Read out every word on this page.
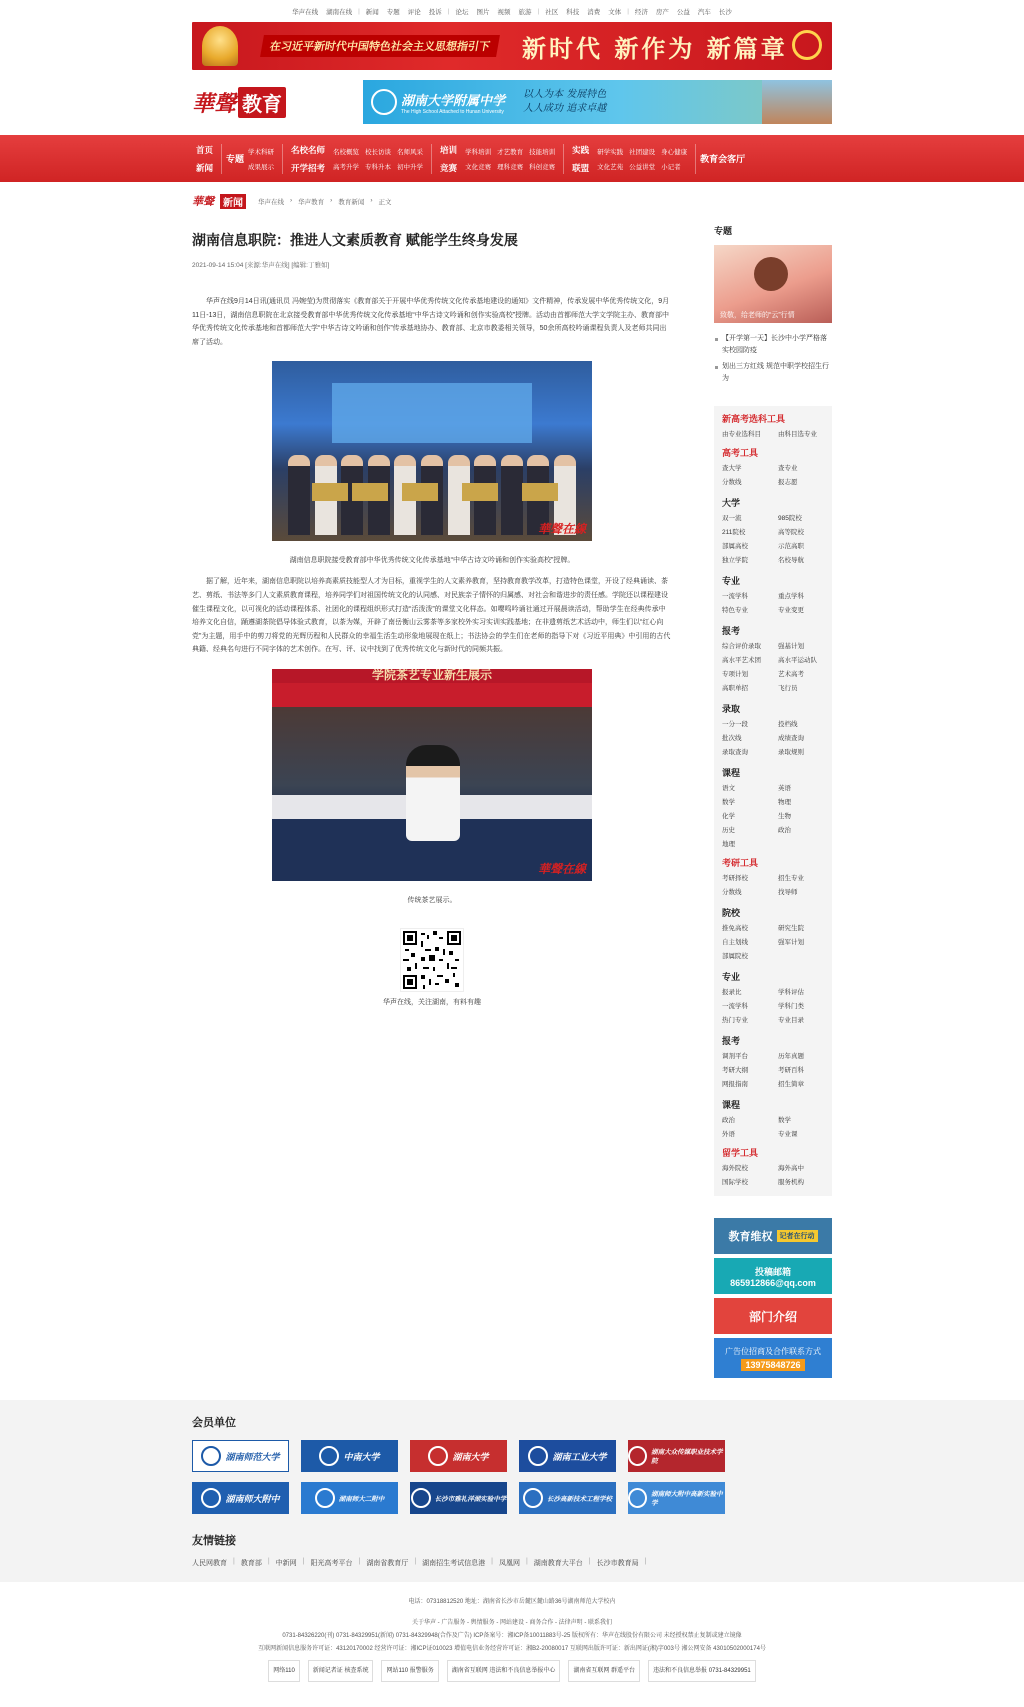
华声在线 湖南在线 | 新闻 专题 评论 投诉 | 论坛 图片 视频 旅游 | 社区 科技 消费 文体 | 经济 房产 公益 汽车 长沙
在习近平新时代中国特色社会主义思想指引下	新时代 新作为 新篇章
華聲 教育	湖南大学附属中学
The High School Attached to Hunan University
以人为本 发展特色
人人成功 追求卓越
首页
新闻
专题
学术科研
成果展示
名校名师
开学招考
名校概览 校长访谈 名师风采
高考升学 专科升本 初中升学
培训
竞赛
学科培训 才艺教育 技能培训
文化竞赛 理科竞赛 科创竞赛
实践
联盟
研学实践 社团建设 身心健康
文化艺苑 公益讲堂 小记者
教育会客厅
華聲 新闻	华声在线 › 华声教育 › 教育新闻 › 正文
湖南信息职院：推进人文素质教育 赋能学生终身发展
2021-09-14 15:04 [来源:华声在线] [编辑:丁雅如]

华声在线9月14日讯(通讯员 冯婉莹)为贯彻落实《教育部关于开展中华优秀传统文化传承基地建设的通知》文件精神，传承发展中华优秀传统文化，9月11日-13日，湖南信息职院在北京接受教育部中华优秀传统文化传承基地“中华古诗文吟诵和创作实验高校”授牌。活动由首都师范大学文学院主办、教育部中华优秀传统文化传承基地和首都师范大学“中华古诗文吟诵和创作”传承基地协办、教育部、北京市教委相关领导，50余所高校吟诵课程负责人及老师共同出席了活动。

華聲在線
湖南信息职院接受教育部中华优秀传统文化传承基地“中华古诗文吟诵和创作实验高校”授牌。

据了解，近年来，湖南信息职院以培养高素质技能型人才为目标，重视学生的人文素养教育，坚持教育教学改革，打造特色课堂，开设了经典诵读、茶艺、剪纸、书法等多门人文素质教育课程，培养同学们对祖国传统文化的认同感、对民族亲子情怀的归属感、对社会和谐进步的责任感。学院还以课程建设催生课程文化，以可视化的活动课程体系、社团化的课程组织形式打造“活泼泼”的课堂文化样态。如嘤鸣吟诵社通过开展晨读活动，帮助学生在经典传承中培养文化自信，踊遵湖茶院倡导体验式教育，以茶为媒，开辟了南岳衡山云雾茶等多家校外实习实训实践基地；在非遗剪纸艺术活动中，师生们以“红心向党”为主题，用手中的剪刀将党的光辉历程和人民群众的幸福生活生动形象地展现在纸上；书法协会的学生们在老师的指导下对《习近平用典》中引用的古代典籍、经典名句进行不同字体的艺术创作。在写、评、议中找到了优秀传统文化与新时代的同频共振。

学院茶艺专业新生展示
華聲在線
传统茶艺展示。
华声在线，关注湖南，有料有趣
专题
致敬，给老师的“云”行情
【开学第一天】长沙中小学严格落实校园防疫
划出三方红线 规范中职学校招生行为
新高考选科工具
由专业选科目	由科目选专业
高考工具
查大学	查专业
分数线	报志愿
大学
双一流	985院校
211院校	高等院校
部属高校	示范高职
独立学院	名校导航
专业
一流学科	重点学科
特色专业	专业变更
报考
综合评价录取	强基计划
高水平艺术团	高水平运动队
专项计划	艺术高考
高职单招	飞行员
录取
一分一段	投档线
批次线	成绩查询
录取查询	录取规则
课程
语文	英语
数学	物理
化学	生物
历史	政治
地理
考研工具
考研择校	招生专业
分数线	找导师
院校
推免高校	研究生院
自主划线	强军计划
部属院校
专业
报录比	学科评估
一流学科	学科门类
热门专业	专业目录
报考
调剂平台	历年真题
考研大纲	考研百科
网报指南	招生简章
课程
政治	数学
外语	专业课
留学工具
海外院校	海外高中
国际学校	服务机构
教育维权	记者在行动
投稿邮箱
865912866@qq.com
部门介绍
广告位招商及合作联系方式
13975848726
会员单位
湖南师范大学	中南大学	湖南大学	湖南工业大学
湖南大众传媒职业技术学院
湖南师大附中	湖南师大二附中	长沙市雅礼洋湖实验中学	长沙高新技术工程学校
湖南师大附中高新实验中学
友情链接
人民网教育 | 教育部 | 中新网 | 阳光高考平台 | 湖南省教育厅 | 湖南招生考试信息港 | 凤凰网 | 湖南教育大平台 | 长沙市教育局 |
电话：07318812520 地址：湖南省长沙市岳麓区麓山路36号湖南师范大学校内
关于华声 - 广告服务 - 舆情服务 - 网站建设 - 商务合作 - 法律声明 - 联系我们
0731-84326220(刊) 0731-84329951(新闻) 0731-84329948(合作及广告) ICP备案号：湘ICP备10011883号-25 版权所有：华声在线股份有限公司 未经授权禁止复制或建立镜像
互联网新闻信息服务许可证：43120170002 经营许可证：湘ICP证010023 增值电信业务经营许可证：湘B2-20080017 互联网出版许可证：新出网证(湘)字003号 湘公网安备 43010502000174号
网络110	新闻记者证 核查系统	网站110 报警服务	湖南省互联网 违法和不良信息举报中心	湖南省互联网 群遥平台	违法和不良信息举报 0731-84329951
